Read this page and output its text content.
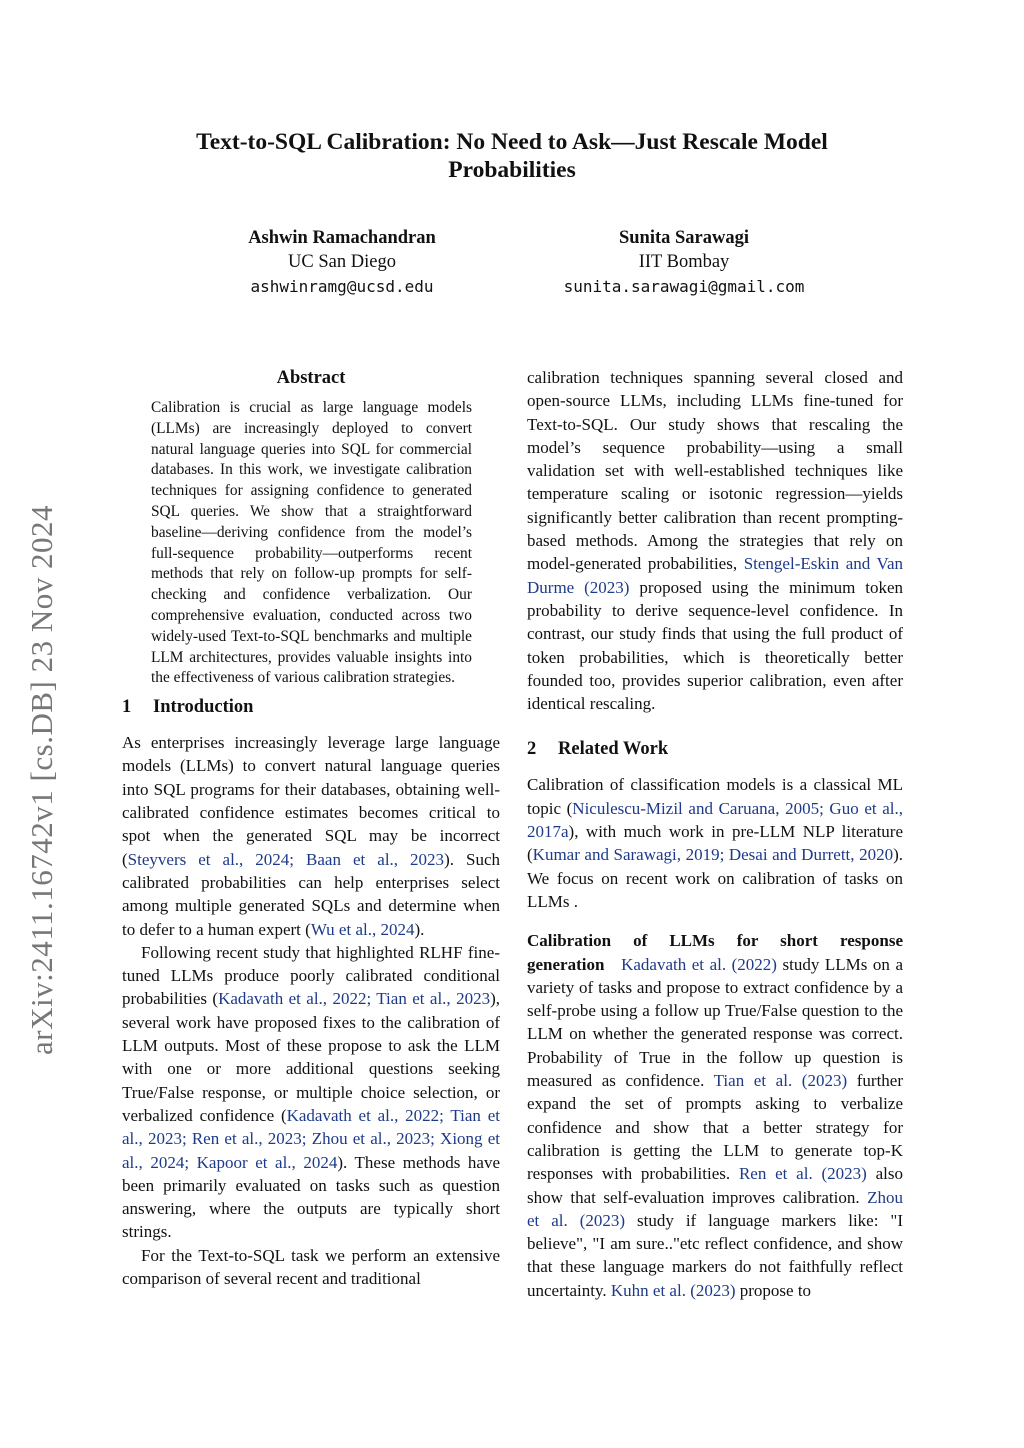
arXiv:2411.16742v1 [cs.DB] 23 Nov 2024
Text-to-SQL Calibration: No Need to Ask—Just Rescale Model Probabilities
Ashwin Ramachandran
UC San Diego
ashwinramg@ucsd.edu
Sunita Sarawagi
IIT Bombay
sunita.sarawagi@gmail.com
Abstract

Calibration is crucial as large language models (LLMs) are increasingly deployed to convert natural language queries into SQL for commercial databases. In this work, we investigate calibration techniques for assigning confidence to generated SQL queries. We show that a straightforward baseline—deriving confidence from the model’s full-sequence probability—outperforms recent methods that rely on follow-up prompts for self-checking and confidence verbalization. Our comprehensive evaluation, conducted across two widely-used Text-to-SQL benchmarks and multiple LLM architectures, provides valuable insights into the effectiveness of various calibration strategies.

1 Introduction

As enterprises increasingly leverage large language models (LLMs) to convert natural language queries into SQL programs for their databases, obtaining well-calibrated confidence estimates becomes critical to spot when the generated SQL may be incorrect (Steyvers et al., 2024; Baan et al., 2023). Such calibrated probabilities can help enterprises select among multiple generated SQLs and determine when to defer to a human expert (Wu et al., 2024).

Following recent study that highlighted RLHF fine-tuned LLMs produce poorly calibrated conditional probabilities (Kadavath et al., 2022; Tian et al., 2023), several work have proposed fixes to the calibration of LLM outputs. Most of these propose to ask the LLM with one or more additional questions seeking True/False response, or multiple choice selection, or verbalized confidence (Kadavath et al., 2022; Tian et al., 2023; Ren et al., 2023; Zhou et al., 2023; Xiong et al., 2024; Kapoor et al., 2024). These methods have been primarily evaluated on tasks such as question answering, where the outputs are typically short strings.

For the Text-to-SQL task we perform an extensive comparison of several recent and traditional

calibration techniques spanning several closed and open-source LLMs, including LLMs fine-tuned for Text-to-SQL. Our study shows that rescaling the model’s sequence probability—using a small validation set with well-established techniques like temperature scaling or isotonic regression—yields significantly better calibration than recent prompting-based methods. Among the strategies that rely on model-generated probabilities, Stengel-Eskin and Van Durme (2023) proposed using the minimum token probability to derive sequence-level confidence. In contrast, our study finds that using the full product of token probabilities, which is theoretically better founded too, provides superior calibration, even after identical rescaling.

2 Related Work

Calibration of classification models is a classical ML topic (Niculescu-Mizil and Caruana, 2005; Guo et al., 2017a), with much work in pre-LLM NLP literature (Kumar and Sarawagi, 2019; Desai and Durrett, 2020). We focus on recent work on calibration of tasks on LLMs .

Calibration of LLMs for short response generation Kadavath et al. (2022) study LLMs on a variety of tasks and propose to extract confidence by a self-probe using a follow up True/False question to the LLM on whether the generated response was correct. Probability of True in the follow up question is measured as confidence. Tian et al. (2023) further expand the set of prompts asking to verbalize confidence and show that a better strategy for calibration is getting the LLM to generate top-K responses with probabilities. Ren et al. (2023) also show that self-evaluation improves calibration. Zhou et al. (2023) study if language markers like: "I believe", "I am sure.."etc reflect confidence, and show that these language markers do not faithfully reflect uncertainty. Kuhn et al. (2023) propose to
